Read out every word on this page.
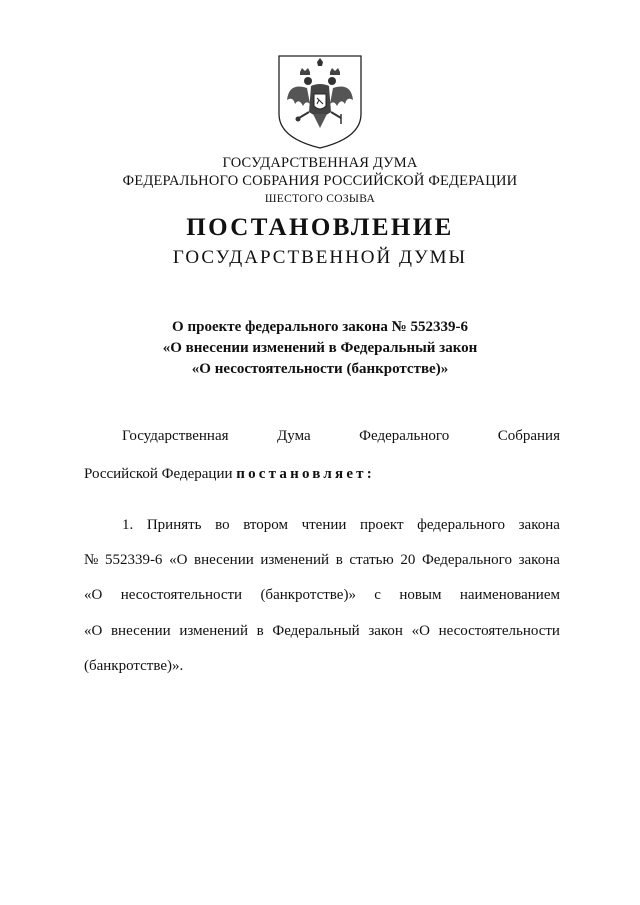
ГОСУДАРСТВЕННАЯ ДУМА
ФЕДЕРАЛЬНОГО СОБРАНИЯ РОССИЙСКОЙ ФЕДЕРАЦИИ
ШЕСТОГО СОЗЫВА
ПОСТАНОВЛЕНИЕ
ГОСУДАРСТВЕННОЙ ДУМЫ
О проекте федерального закона № 552339-6
«О внесении изменений в Федеральный закон
«О несостоятельности (банкротстве)»
Государственная	Дума	Федерального	Собрания
Российской Федерации постановляет:
1. Принять во втором чтении проект федерального закона
№ 552339-6 «О внесении изменений в статью 20 Федерального закона
«О несостоятельности (банкротстве)» с новым наименованием
«О внесении изменений в Федеральный закон «О несостоятельности
(банкротстве)».
